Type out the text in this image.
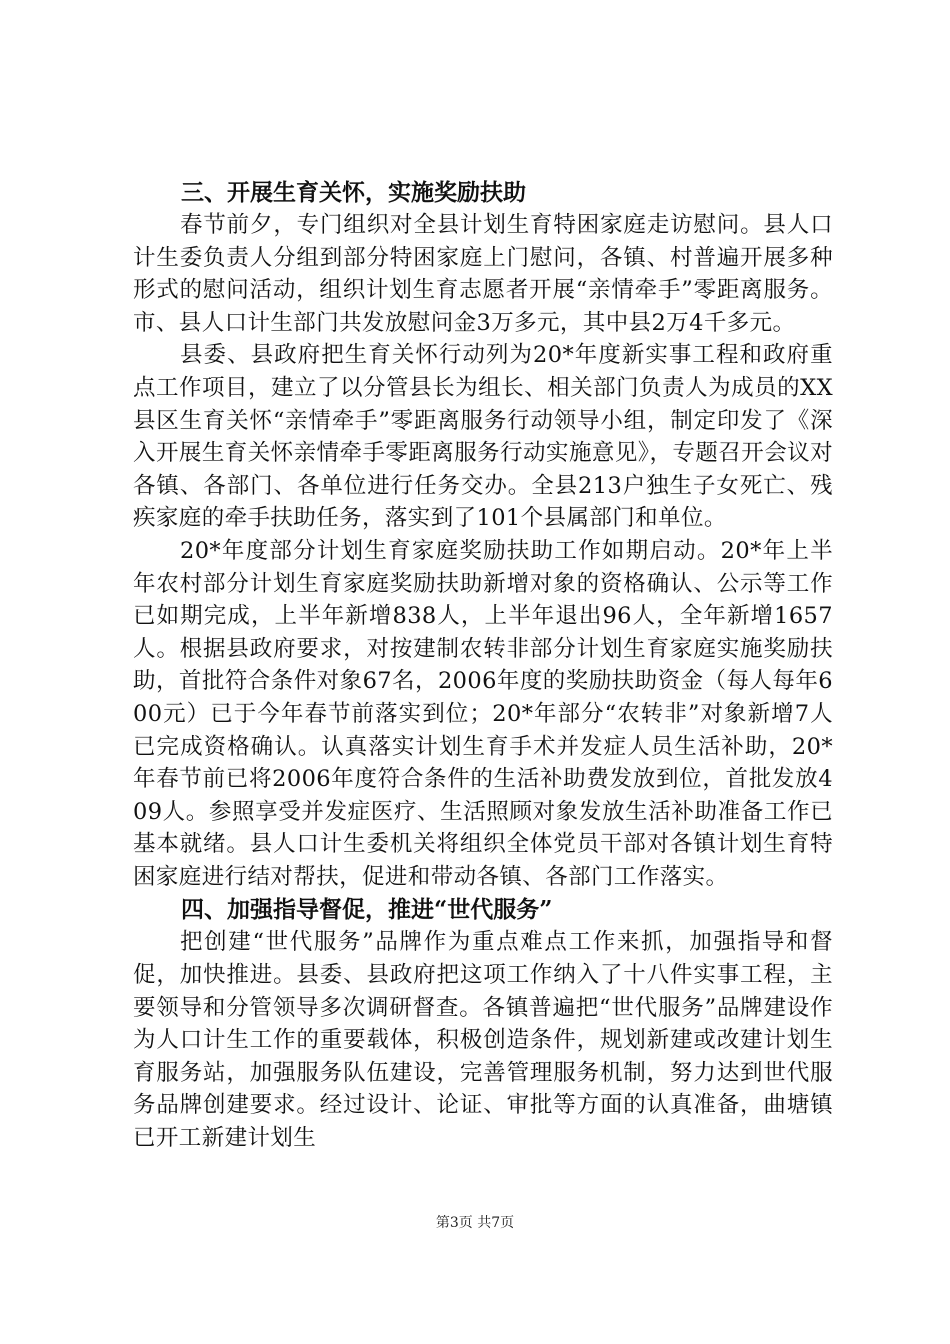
三、开展生育关怀，实施奖励扶助

春节前夕，专门组织对全县计划生育特困家庭走访慰问。县人口计生委负责人分组到部分特困家庭上门慰问，各镇、村普遍开展多种形式的慰问活动，组织计划生育志愿者开展“亲情牵手”零距离服务。市、县人口计生部门共发放慰问金3万多元，其中县2万4千多元。

县委、县政府把生育关怀行动列为20*年度新实事工程和政府重点工作项目，建立了以分管县长为组长、相关部门负责人为成员的XX县区生育关怀“亲情牵手”零距离服务行动领导小组，制定印发了《深入开展生育关怀亲情牵手零距离服务行动实施意见》，专题召开会议对各镇、各部门、各单位进行任务交办。全县213户独生子女死亡、残疾家庭的牵手扶助任务，落实到了101个县属部门和单位。

20*年度部分计划生育家庭奖励扶助工作如期启动。20*年上半年农村部分计划生育家庭奖励扶助新增对象的资格确认、公示等工作已如期完成，上半年新增838人，上半年退出96人，全年新增1657人。根据县政府要求，对按建制农转非部分计划生育家庭实施奖励扶助，首批符合条件对象67名，2006年度的奖励扶助资金（每人每年600元）已于今年春节前落实到位；20*年部分“农转非”对象新增7人已完成资格确认。认真落实计划生育手术并发症人员生活补助，20*年春节前已将2006年度符合条件的生活补助费发放到位，首批发放409人。参照享受并发症医疗、生活照顾对象发放生活补助准备工作已基本就绪。县人口计生委机关将组织全体党员干部对各镇计划生育特困家庭进行结对帮扶，促进和带动各镇、各部门工作落实。

四、加强指导督促，推进“世代服务”

把创建“世代服务”品牌作为重点难点工作来抓，加强指导和督促，加快推进。县委、县政府把这项工作纳入了十八件实事工程，主要领导和分管领导多次调研督查。各镇普遍把“世代服务”品牌建设作为人口计生工作的重要载体，积极创造条件，规划新建或改建计划生育服务站，加强服务队伍建设，完善管理服务机制，努力达到世代服务品牌创建要求。经过设计、论证、审批等方面的认真准备，曲塘镇已开工新建计划生

第3页 共7页
